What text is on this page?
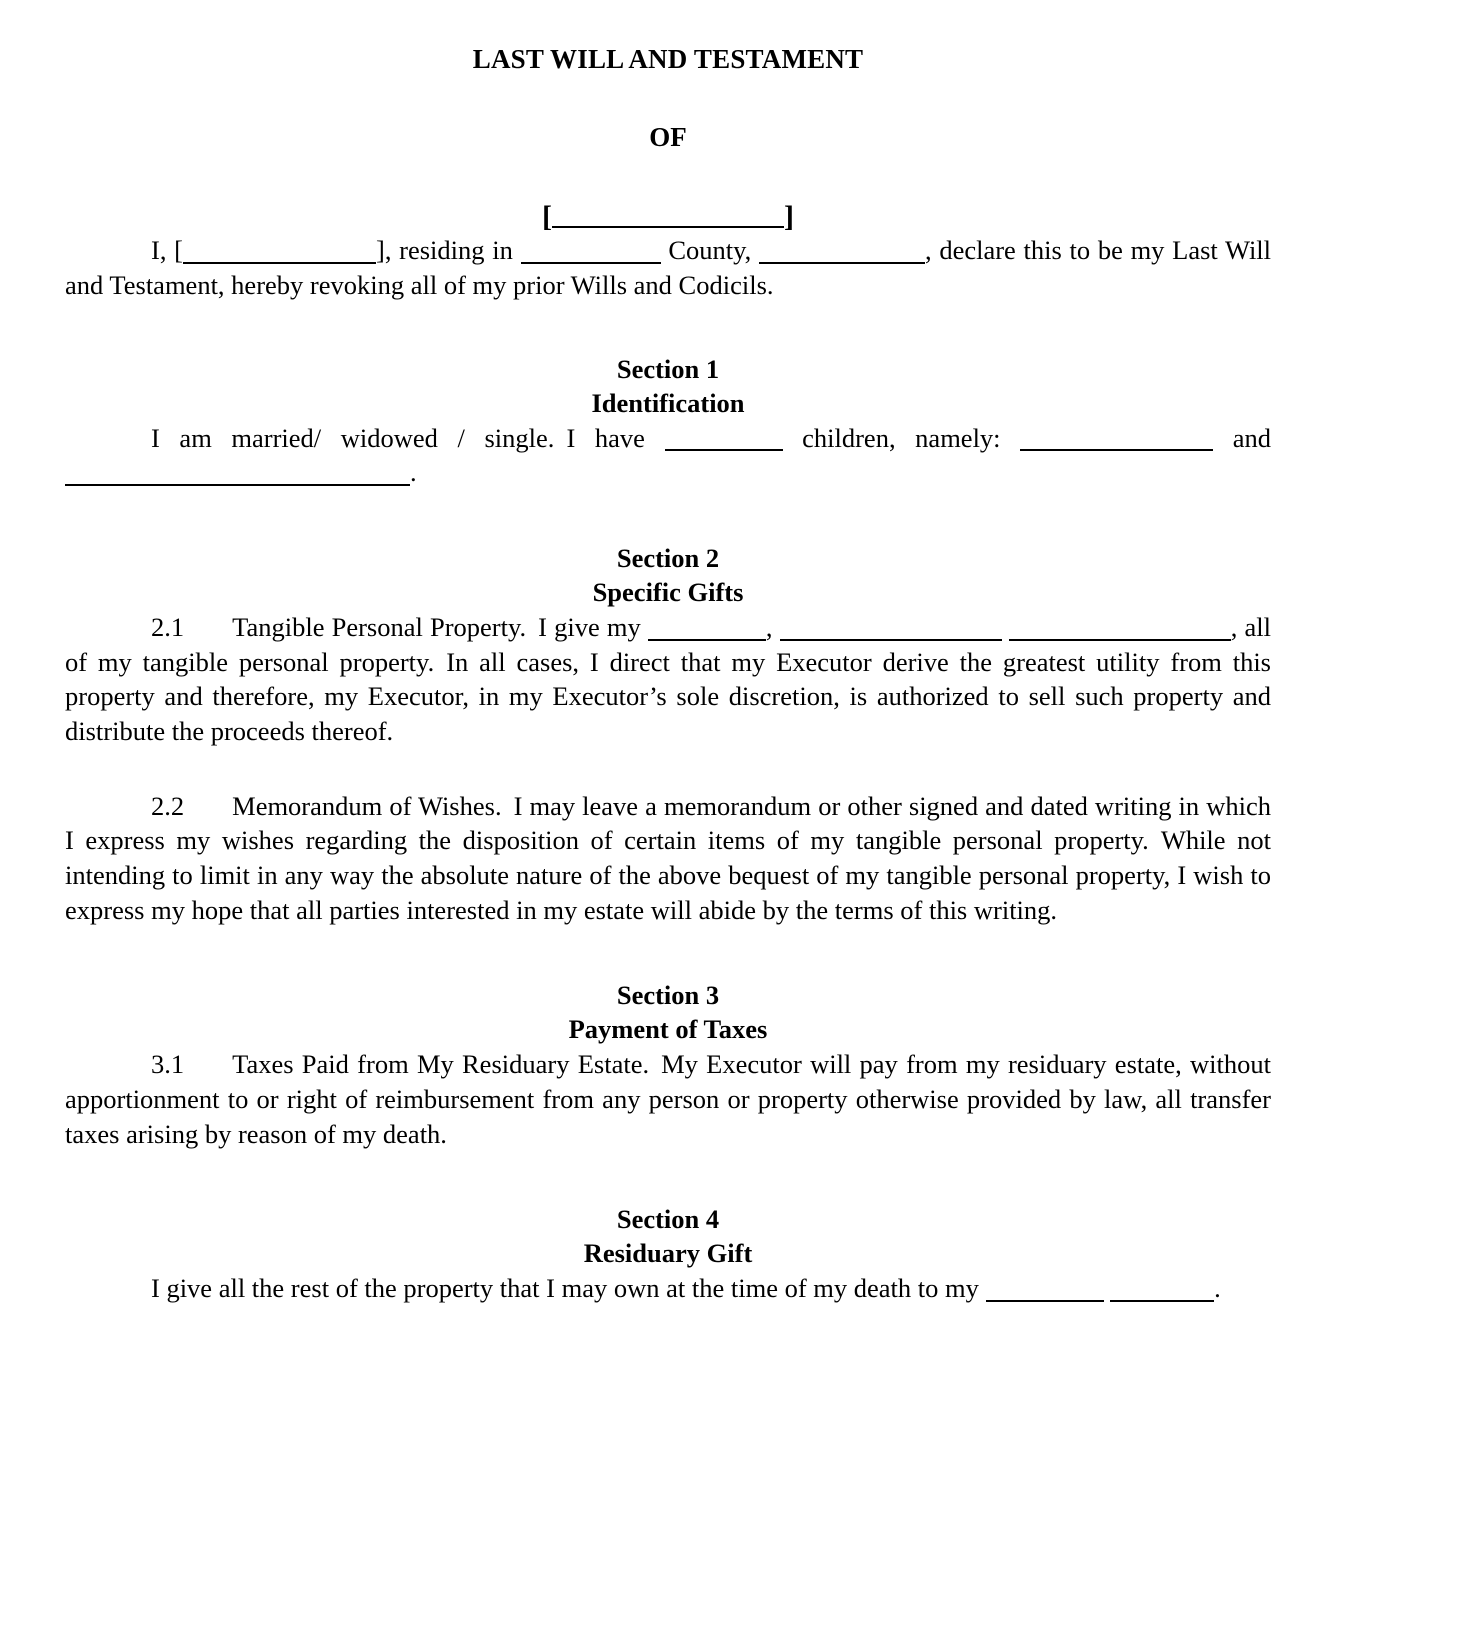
LAST WILL AND TESTAMENT
OF
[	]

I, [	], residing in	County,	, declare this to be my Last Will and Testament, hereby revoking all of my prior Wills and Codicils.

Section 1
Identification

I am married/ widowed / single. I have	children, namely:	and .

Section 2
Specific Gifts

2.1 Tangible Personal Property. I give my	,	, all of my tangible personal property. In all cases, I direct that my Executor derive the greatest utility from this property and therefore, my Executor, in my Executor’s sole discretion, is authorized to sell such property and distribute the proceeds thereof.

2.2 Memorandum of Wishes. I may leave a memorandum or other signed and dated writing in which I express my wishes regarding the disposition of certain items of my tangible personal property. While not intending to limit in any way the absolute nature of the above bequest of my tangible personal property, I wish to express my hope that all parties interested in my estate will abide by the terms of this writing.

Section 3
Payment of Taxes

3.1 Taxes Paid from My Residuary Estate. My Executor will pay from my residuary estate, without apportionment to or right of reimbursement from any person or property otherwise provided by law, all transfer taxes arising by reason of my death.

Section 4
Residuary Gift

I give all the rest of the property that I may own at the time of my death to my	.
